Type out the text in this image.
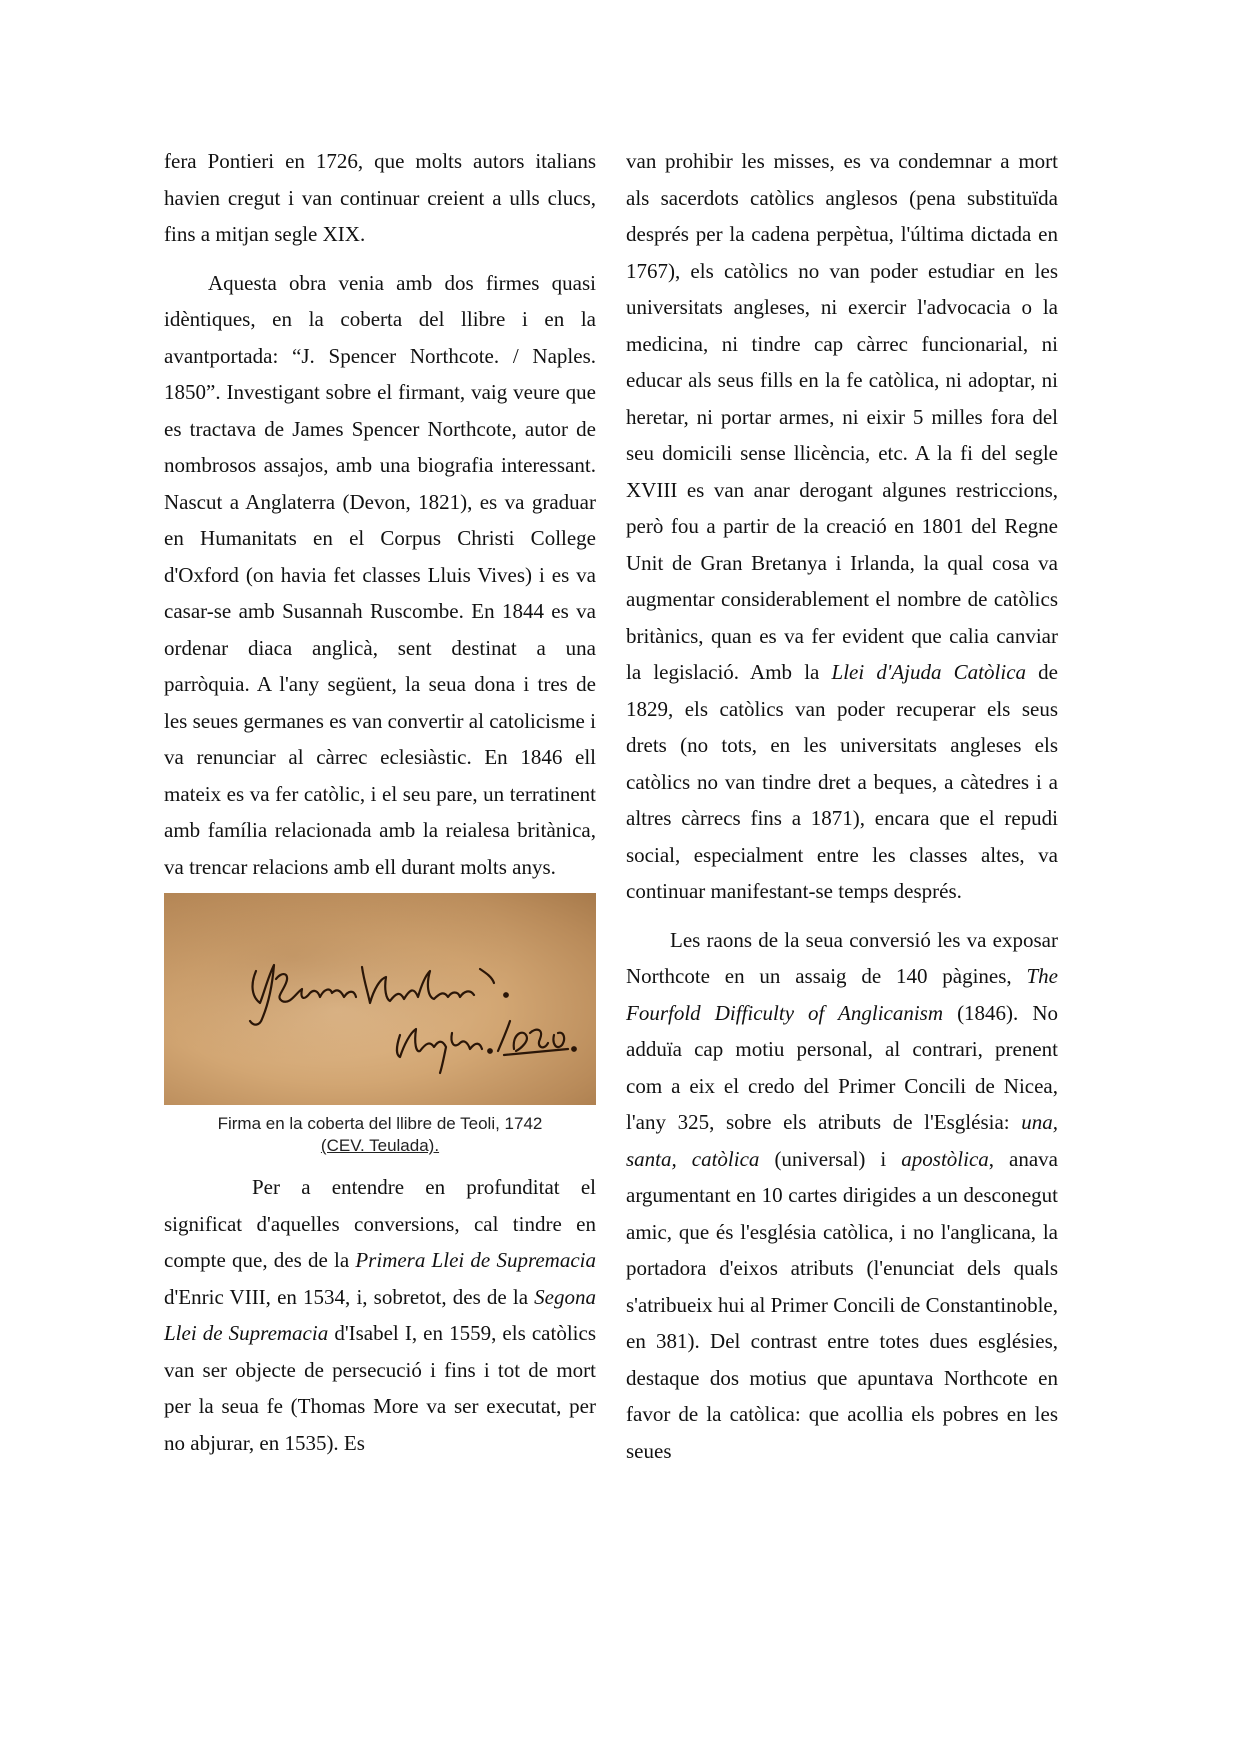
fera Pontieri en 1726, que molts autors italians havien cregut i van continuar creient a ulls clucs, fins a mitjan segle XIX.

Aquesta obra venia amb dos firmes quasi idèntiques, en la coberta del llibre i en la avantportada: “J. Spencer Northcote. / Naples. 1850”. Investigant sobre el firmant, vaig veure que es tractava de James Spencer Northcote, autor de nombrosos assajos, amb una biografia interessant. Nascut a Anglaterra (Devon, 1821), es va graduar en Humanitats en el Corpus Christi College d'Oxford (on havia fet classes Lluis Vives) i es va casar-se amb Susannah Ruscombe. En 1844 es va ordenar diaca anglicà, sent destinat a una parròquia. A l'any següent, la seua dona i tres de les seues germanes es van convertir al catolicisme i va renunciar al càrrec eclesiàstic. En 1846 ell mateix es va fer catòlic, i el seu pare, un terratinent amb família relacionada amb la reialesa britànica, va trencar relacions amb ell durant molts anys.

Firma en la coberta del llibre de Teoli, 1742
(CEV. Teulada).

Per a entendre en profunditat el significat d'aquelles conversions, cal tindre en compte que, des de la Primera Llei de Supremacia d'Enric VIII, en 1534, i, sobretot, des de la Segona Llei de Supremacia d'Isabel I, en 1559, els catòlics van ser objecte de persecució i fins i tot de mort per la seua fe (Thomas More va ser executat, per no abjurar, en 1535). Es

van prohibir les misses, es va condemnar a mort als sacerdots catòlics anglesos (pena substituïda després per la cadena perpètua, l'última dictada en 1767), els catòlics no van poder estudiar en les universitats angleses, ni exercir l'advocacia o la medicina, ni tindre cap càrrec funcionarial, ni educar als seus fills en la fe catòlica, ni adoptar, ni heretar, ni portar armes, ni eixir 5 milles fora del seu domicili sense llicència, etc. A la fi del segle XVIII es van anar derogant algunes restriccions, però fou a partir de la creació en 1801 del Regne Unit de Gran Bretanya i Irlanda, la qual cosa va augmentar considerablement el nombre de catòlics britànics, quan es va fer evident que calia canviar la legislació. Amb la Llei d'Ajuda Catòlica de 1829, els catòlics van poder recuperar els seus drets (no tots, en les universitats angleses els catòlics no van tindre dret a beques, a càtedres i a altres càrrecs fins a 1871), encara que el repudi social, especialment entre les classes altes, va continuar manifestant-se temps després.

Les raons de la seua conversió les va exposar Northcote en un assaig de 140 pàgines, The Fourfold Difficulty of Anglicanism (1846). No adduïa cap motiu personal, al contrari, prenent com a eix el credo del Primer Concili de Nicea, l'any 325, sobre els atributs de l'Església: una, santa, catòlica (universal) i apostòlica, anava argumentant en 10 cartes dirigides a un desconegut amic, que és l'església catòlica, i no l'anglicana, la portadora d'eixos atributs (l'enunciat dels quals s'atribueix hui al Primer Concili de Constantinoble, en 381). Del contrast entre totes dues esglésies, destaque dos motius que apuntava Northcote en favor de la catòlica: que acollia els pobres en les seues
